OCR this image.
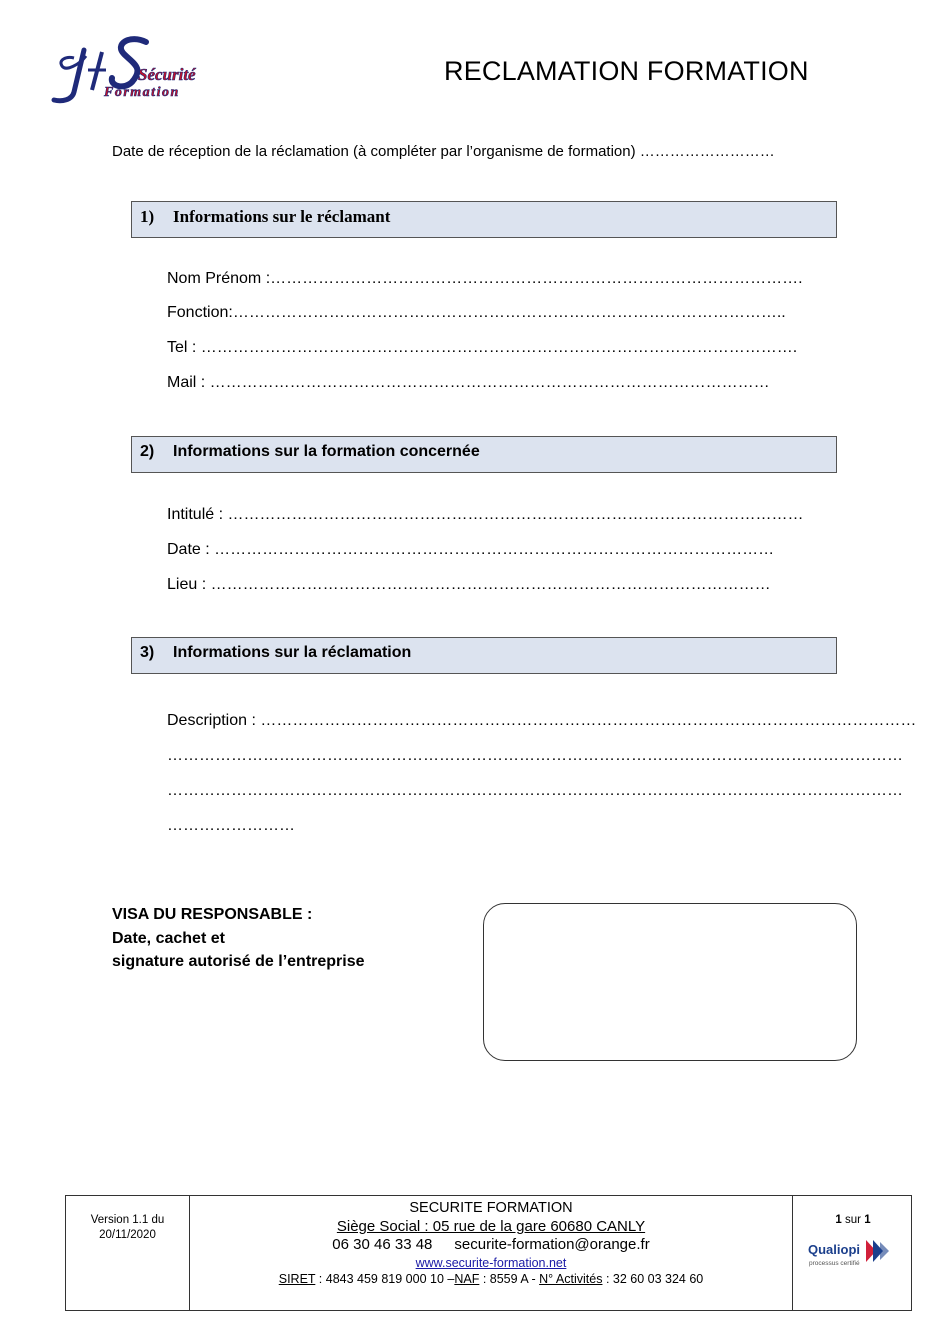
Sécurité
Formation
RECLAMATION FORMATION
Date de réception de la réclamation (à compléter par l’organisme de formation) ………………………
1) Informations sur le réclamant
Nom Prénom :……………………………………………………………………………………….
Fonction:…………………………………………………………………………………………..
Tel : ………………………………………………………………………………………………….
Mail : ……………………………………………………………………………………………
2) Informations sur la formation concernée
Intitulé : ………………………………………………………………………………………………
Date : ……………………………………………………………………………………………
Lieu : ……………………………………………………………………………………………
3) Informations sur la réclamation
Description : ……………………………………………………………………………………………………………
…………………………………………………………………………………………………………………………
…………………………………………………………………………………………………………………………
……………………
VISA DU RESPONSABLE :
Date, cachet et
signature autorisé de l’entreprise
Version 1.1 du
20/11/2020
SECURITE FORMATION
Siège Social : 05 rue de la gare 60680 CANLY
06 30 46 33 48 securite-formation@orange.fr
www.securite-formation.net
SIRET : 4843 459 819 000 10 –NAF : 8559 A - N° Activités : 32 60 03 324 60
1 sur 1
Qualiopi
processus certifié
